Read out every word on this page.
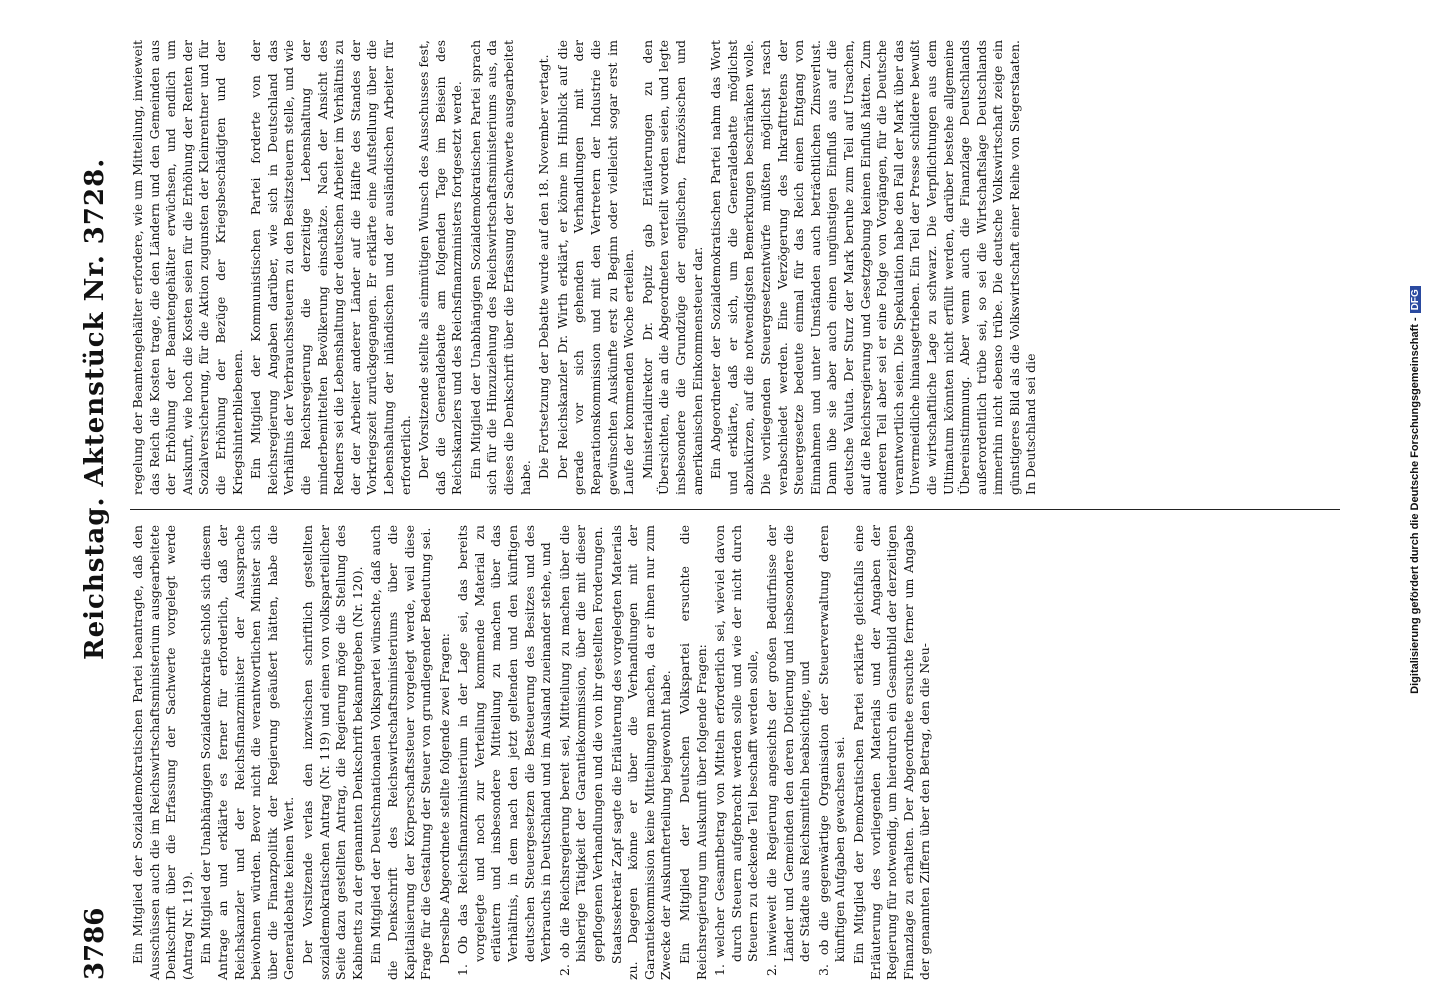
3786
Reichstag. Aktenstück Nr. 3728.

Ein Mitglied der Sozialdemokratischen Partei beantragte, daß den Ausschüssen auch die im Reichswirtschaftsministerium ausgearbeitete Denkschrift über die Erfassung der Sachwerte vorgelegt werde (Antrag Nr. 119). Ein Mitglied der Unabhängigen Sozialdemokratie schloß sich diesem Antrage an und erklärte es ferner für erforderlich, daß der Reichskanzler und der Reichsfinanzminister der Aussprache beiwohnen würden. Bevor nicht die verantwortlichen Minister sich über die Finanzpolitik der Regierung geäußert hätten, habe die Generaldebatte keinen Wert. Der Vorsitzende verlas den inzwischen schriftlich gestellten sozialdemokratischen Antrag (Nr. 119) und einen von volksparteilicher Seite dazu gestellten Antrag, die Regierung möge die Stellung des Kabinetts zu der genannten Denkschrift bekanntgeben (Nr. 120). Ein Mitglied der Deutschnationalen Volkspartei wünschte, daß auch die Denkschrift des Reichswirtschaftsministeriums über die Kapitalisierung der Körperschaftssteuer vorgelegt werde, weil diese Frage für die Gestaltung der Steuer von grundlegender Bedeutung sei. Derselbe Abgeordnete stellte folgende zwei Fragen: 1. Ob das Reichsfinanzministerium in der Lage sei, das bereits vorgelegte und noch zur Verteilung kommende Material zu erläutern und insbesondere Mitteilung zu machen über das Verhältnis, in dem nach den jetzt geltenden und den künftigen deutschen Steuergesetzen die Besteuerung des Besitzes und des Verbrauchs in Deutschland und im Ausland zueinander stehe, und 2. ob die Reichsregierung bereit sei, Mitteilung zu machen über die bisherige Tätigkeit der Garantiekommission, über die mit dieser gepflogenen Verhandlungen und die von ihr gestellten Forderungen. Staatssekretär Zapf sagte die Erläuterung des vorgelegten Materials zu. Dagegen könne er über die Verhandlungen mit der Garantiekommission keine Mitteilungen machen, da er ihnen nur zum Zwecke der Auskunfterteilung beigewohnt habe. Ein Mitglied der Deutschen Volkspartei ersuchte die Reichsregierung um Auskunft über folgende Fragen: 1. welcher Gesamtbetrag von Mitteln erforderlich sei, wieviel davon durch Steuern aufgebracht werden solle und wie der nicht durch Steuern zu deckende Teil beschafft werden solle, 2. inwieweit die Regierung angesichts der großen Bedürfnisse der Länder und Gemeinden den deren Dotierung und insbesondere die der Städte aus Reichsmitteln beabsichtige, und 3. ob die gegenwärtige Organisation der Steuerverwaltung deren künftigen Aufgaben gewachsen sei. Ein Mitglied der Demokratischen Partei erklärte gleichfalls eine Erläuterung des vorliegenden Materials und der Angaben der Regierung für notwendig, um hierdurch ein Gesamtbild der derzeitigen Finanzlage zu erhalten. Der Abgeordnete ersuchte ferner um Angabe der genannten Ziffern über den Betrag, den die Neu-

regelung der Beamtengehälter erfordere, wie um Mitteilung, inwieweit das Reich die Kosten trage, die den Ländern und den Gemeinden aus der Erhöhung der Beamtengehälter erwüchsen, und endlich um Auskunft, wie hoch die Kosten seien für die Erhöhung der Renten der Sozialversicherung, für die Aktion zugunsten der Kleinrentner und für die Erhöhung der Bezüge der Kriegsbeschädigten und der Kriegshinterbliebenen. Ein Mitglied der Kommunistischen Partei forderte von der Reichsregierung Angaben darüber, wie sich in Deutschland das Verhältnis der Verbrauchssteuern zu den Besitzsteuern stelle, und wie die Reichsregierung die derzeitige Lebenshaltung der minderbemittelten Bevölkerung einschätze. Nach der Ansicht des Redners sei die Lebenshaltung der deutschen Arbeiter im Verhältnis zu der der Arbeiter anderer Länder auf die Hälfte des Standes der Vorkriegszeit zurückgegangen. Er erklärte eine Aufstellung über die Lebenshaltung der inländischen und der ausländischen Arbeiter für erforderlich. Der Vorsitzende stellte als einmütigen Wunsch des Ausschusses fest, daß die Generaldebatte am folgenden Tage im Beisein des Reichskanzlers und des Reichsfinanzministers fortgesetzt werde. Ein Mitglied der Unabhängigen Sozialdemokratischen Partei sprach sich für die Hinzuziehung des Reichswirtschaftsministeriums aus, da dieses die Denkschrift über die Erfassung der Sachwerte ausgearbeitet habe. Die Fortsetzung der Debatte wurde auf den 18. November vertagt. Der Reichskanzler Dr. Wirth erklärt, er könne im Hinblick auf die gerade vor sich gehenden Verhandlungen mit der Reparationskommission und mit den Vertretern der Industrie die gewünschten Auskünfte erst zu Beginn oder vielleicht sogar erst im Laufe der kommenden Woche erteilen. Ministerialdirektor Dr. Popitz gab Erläuterungen zu den Übersichten, die an die Abgeordneten verteilt worden seien, und legte insbesondere die Grundzüge der englischen, französischen und amerikanischen Einkommensteuer dar. Ein Abgeordneter der Sozialdemokratischen Partei nahm das Wort und erklärte, daß er sich, um die Generaldebatte möglichst abzukürzen, auf die notwendigsten Bemerkungen beschränken wolle. Die vorliegenden Steuergesetzentwürfe müßten möglichst rasch verabschiedet werden. Eine Verzögerung des Inkrafttretens der Steuergesetze bedeute einmal für das Reich einen Entgang von Einnahmen und unter Umständen auch beträchtlichen Zinsverlust. Dann übe sie aber auch einen ungünstigen Einfluß aus auf die deutsche Valuta. Der Sturz der Mark beruhe zum Teil auf Ursachen, auf die Reichsregierung und Gesetzgebung keinen Einfluß hätten. Zum anderen Teil aber sei er eine Folge von Vorgängen, für die Deutsche verantwortlich seien. Die Spekulation habe den Fall der Mark über das Unvermeidliche hinausgetrieben. Ein Teil der Presse schildere bewußt die wirtschaftliche Lage zu schwarz. Die Verpflichtungen aus dem Ultimatum könnten nicht erfüllt werden, darüber bestehe allgemeine Übereinstimmung. Aber wenn auch die Finanzlage Deutschlands außerordentlich trübe sei, so sei die Wirtschaftslage Deutschlands immerhin nicht ebenso trübe. Die deutsche Volkswirtschaft zeige ein günstigeres Bild als die Volkswirtschaft einer Reihe von Siegerstaaten. In Deutschland sei die	Digitalisierung gefördert durch die Deutsche Forschungsgemeinschaft -DFG
